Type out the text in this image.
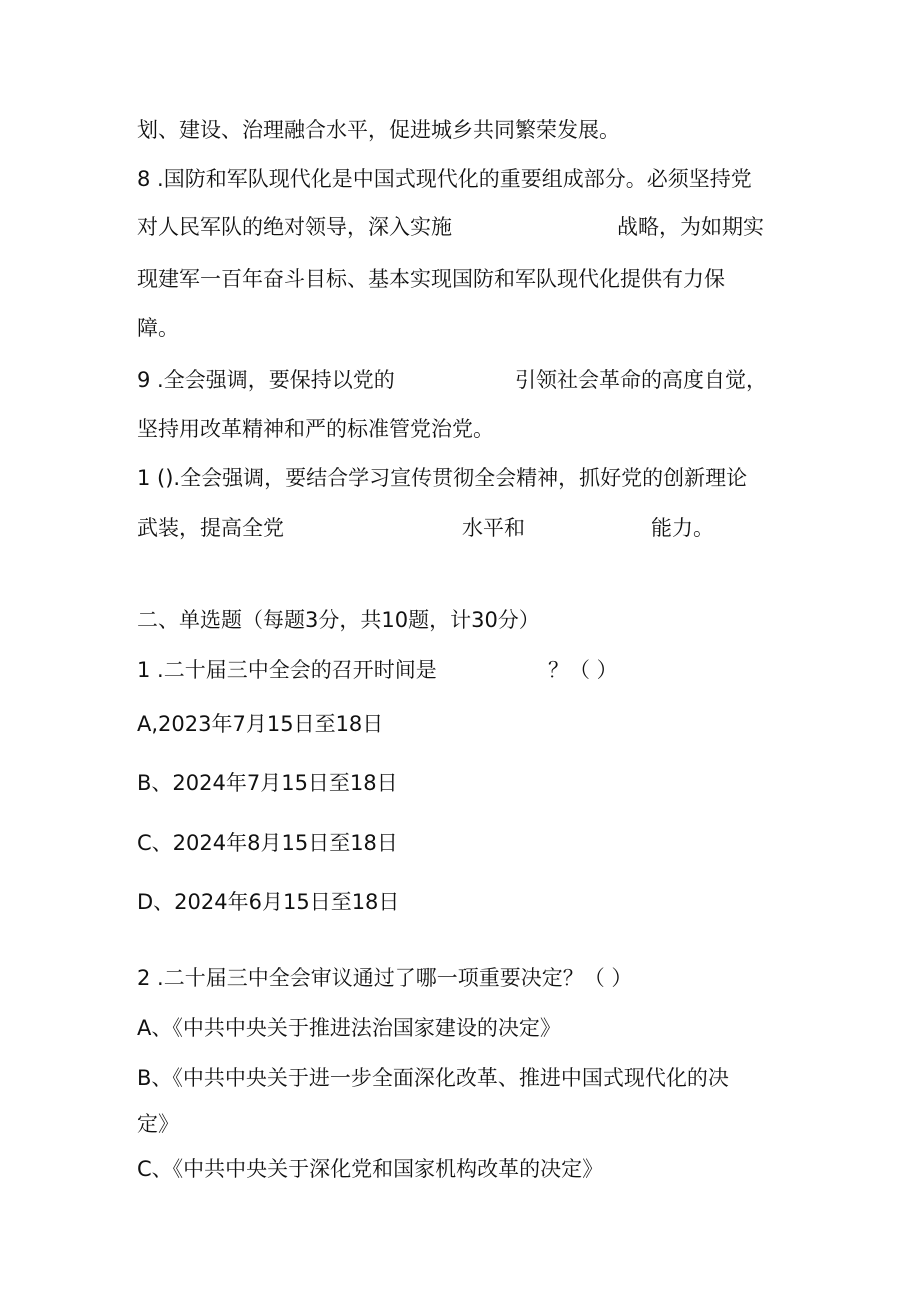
划、建设、治理融合水平，促进城乡共同繁荣发展。
8 .国防和军队现代化是中国式现代化的重要组成部分。必须坚持党
对人民军队的绝对领导，深入实施	战略，为如期实
现建军一百年奋斗目标、基本实现国防和军队现代化提供有力保
障。
9 .全会强调，要保持以党的	引领社会革命的高度自觉，
坚持用改革精神和严的标准管党治党。
1 ().全会强调，要结合学习宣传贯彻全会精神，抓好党的创新理论
武装，提高全党	水平和	能力。
二、单选题（每题3分，共10题，计30分）
1 .二十届三中全会的召开时间是	？（ ）
A,2023年7月15日至18日
B、2024年7月15日至18日
C、2024年8月15日至18日
D、2024年6月15日至18日
2 .二十届三中全会审议通过了哪一项重要决定？（ ）
A、《中共中央关于推进法治国家建设的决定》
B、《中共中央关于进一步全面深化改革、推进中国式现代化的决
定》
C、《中共中央关于深化党和国家机构改革的决定》
